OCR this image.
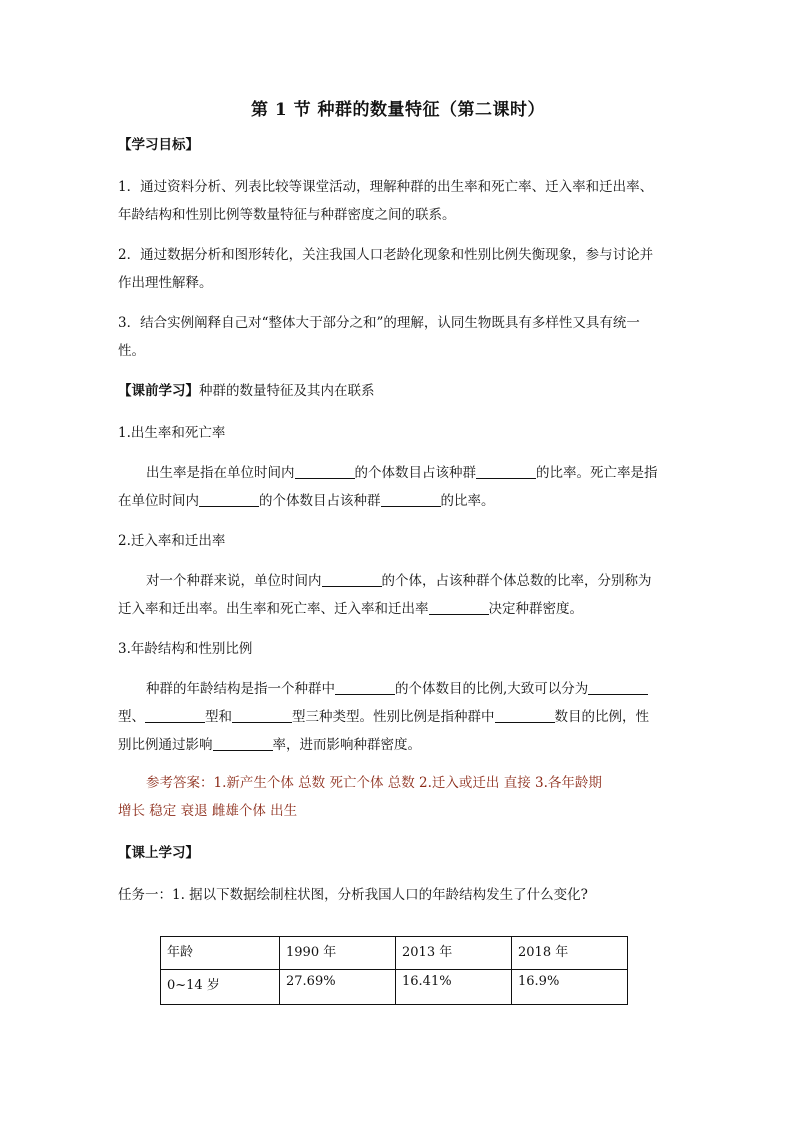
第 1 节 种群的数量特征（第二课时）
【学习目标】
1．通过资料分析、列表比较等课堂活动，理解种群的出生率和死亡率、迁入率和迁出率、
年龄结构和性别比例等数量特征与种群密度之间的联系。
2．通过数据分析和图形转化，关注我国人口老龄化现象和性别比例失衡现象，参与讨论并
作出理性解释。
3．结合实例阐释自己对“整体大于部分之和”的理解，认同生物既具有多样性又具有统一
性。
【课前学习】种群的数量特征及其内在联系
1.出生率和死亡率
出生率是指在单位时间内	的个体数目占该种群	的比率。死亡率是指
在单位时间内	的个体数目占该种群	的比率。
2.迁入率和迁出率
对一个种群来说，单位时间内	的个体，占该种群个体总数的比率，分别称为
迁入率和迁出率。出生率和死亡率、迁入率和迁出率	决定种群密度。
3.年龄结构和性别比例
种群的年龄结构是指一个种群中	的个体数目的比例,大致可以分为
型、	型和	型三种类型。性别比例是指种群中	数目的比例，性
别比例通过影响	率，进而影响种群密度。
参考答案：1.新产生个体 总数 死亡个体 总数 2.迁入或迁出 直接 3.各年龄期
增长 稳定 衰退 雌雄个体 出生
【课上学习】
任务一：1. 据以下数据绘制柱状图，分析我国人口的年龄结构发生了什么变化?
年龄	1990 年	2013 年	2018 年
0~14 岁	27.69%	16.41%	16.9%
